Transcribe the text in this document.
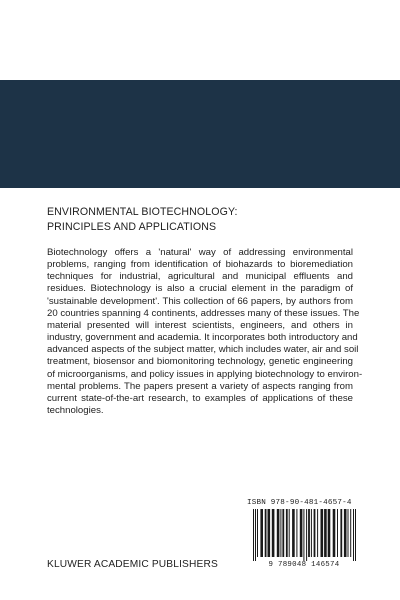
ENVIRONMENTAL BIOTECHNOLOGY:
PRINCIPLES AND APPLICATIONS
Biotechnology offers a 'natural' way of addressing environmental
problems, ranging from identification of biohazards to bioremediation
techniques for industrial, agricultural and municipal effluents and
residues. Biotechnology is also a crucial element in the paradigm of
'sustainable development'. This collection of 66 papers, by authors from
20 countries spanning 4 continents, addresses many of these issues. The
material presented will interest scientists, engineers, and others in
industry, government and academia. It incorporates both introductory and
advanced aspects of the subject matter, which includes water, air and soil
treatment, biosensor and biomonitoring technology, genetic engineering
of microorganisms, and policy issues in applying biotechnology to environ-
mental problems. The papers present a variety of aspects ranging from
current state-of-the-art research, to examples of applications of these
technologies.
ISBN 978-90-481-4657-4
9 789048 146574
KLUWER ACADEMIC PUBLISHERS
